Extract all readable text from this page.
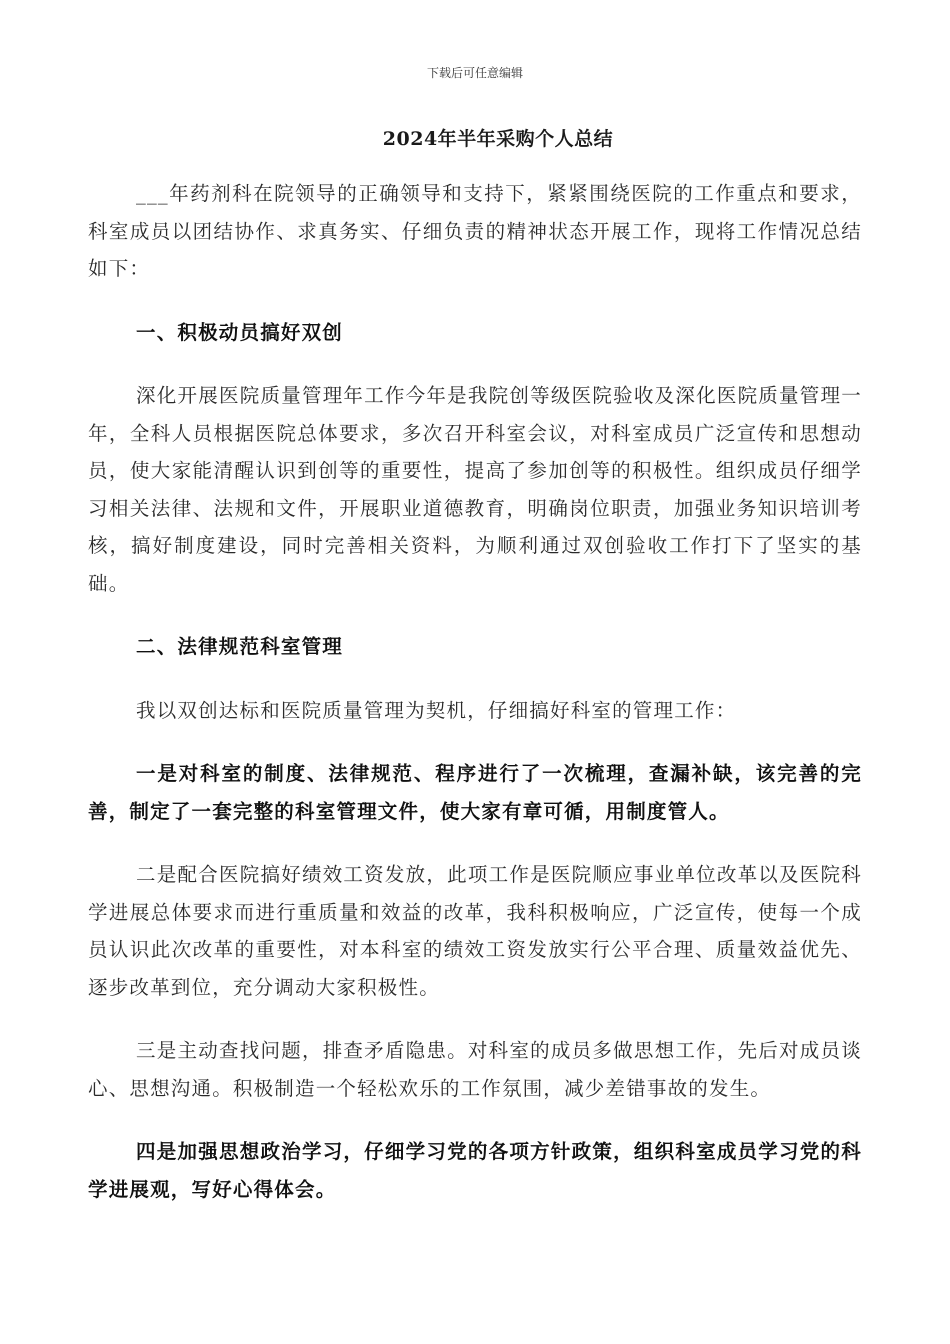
下载后可任意编辑
2024年半年采购个人总结

___年药剂科在院领导的正确领导和支持下，紧紧围绕医院的工作重点和要求，科室成员以团结协作、求真务实、仔细负责的精神状态开展工作，现将工作情况总结如下：

一、积极动员搞好双创

深化开展医院质量管理年工作今年是我院创等级医院验收及深化医院质量管理一年，全科人员根据医院总体要求，多次召开科室会议，对科室成员广泛宣传和思想动员，使大家能清醒认识到创等的重要性，提高了参加创等的积极性。组织成员仔细学习相关法律、法规和文件，开展职业道德教育，明确岗位职责，加强业务知识培训考核，搞好制度建设，同时完善相关资料，为顺利通过双创验收工作打下了坚实的基础。

二、法律规范科室管理

我以双创达标和医院质量管理为契机，仔细搞好科室的管理工作：

一是对科室的制度、法律规范、程序进行了一次梳理，查漏补缺，该完善的完善，制定了一套完整的科室管理文件，使大家有章可循，用制度管人。

二是配合医院搞好绩效工资发放，此项工作是医院顺应事业单位改革以及医院科学进展总体要求而进行重质量和效益的改革，我科积极响应，广泛宣传，使每一个成员认识此次改革的重要性，对本科室的绩效工资发放实行公平合理、质量效益优先、逐步改革到位，充分调动大家积极性。

三是主动查找问题，排查矛盾隐患。对科室的成员多做思想工作，先后对成员谈心、思想沟通。积极制造一个轻松欢乐的工作氛围，减少差错事故的发生。

四是加强思想政治学习，仔细学习党的各项方针政策，组织科室成员学习党的科学进展观，写好心得体会。
